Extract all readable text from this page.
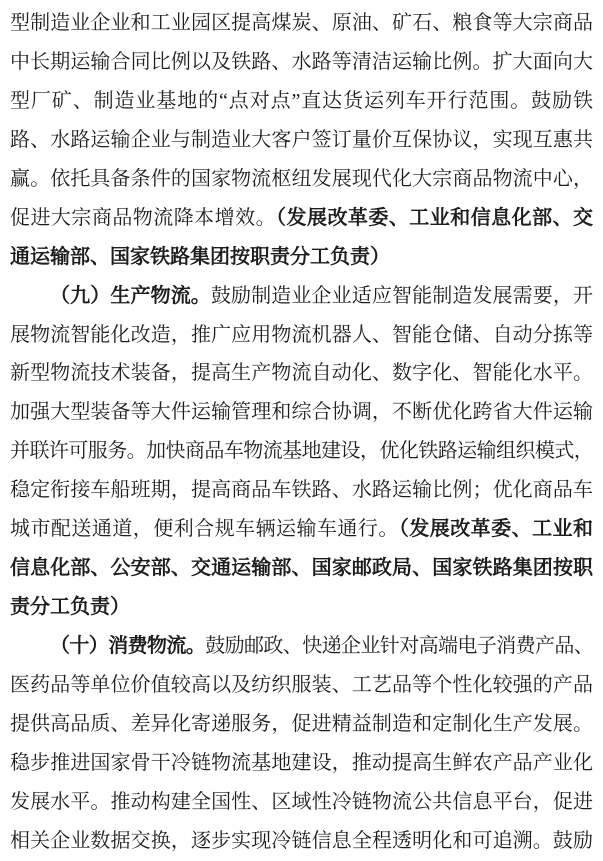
型制造业企业和工业园区提高煤炭、原油、矿石、粮食等大宗商品
中长期运输合同比例以及铁路、水路等清洁运输比例。扩大面向大
型厂矿、制造业基地的“点对点”直达货运列车开行范围。鼓励铁
路、水路运输企业与制造业大客户签订量价互保协议，实现互惠共
赢。依托具备条件的国家物流枢纽发展现代化大宗商品物流中心，
促进大宗商品物流降本增效。（发展改革委、工业和信息化部、交
通运输部、国家铁路集团按职责分工负责）
（九）生产物流。鼓励制造业企业适应智能制造发展需要，开
展物流智能化改造，推广应用物流机器人、智能仓储、自动分拣等
新型物流技术装备，提高生产物流自动化、数字化、智能化水平。
加强大型装备等大件运输管理和综合协调，不断优化跨省大件运输
并联许可服务。加快商品车物流基地建设，优化铁路运输组织模式，
稳定衔接车船班期，提高商品车铁路、水路运输比例；优化商品车
城市配送通道，便利合规车辆运输车通行。（发展改革委、工业和
信息化部、公安部、交通运输部、国家邮政局、国家铁路集团按职
责分工负责）
（十）消费物流。鼓励邮政、快递企业针对高端电子消费产品、
医药品等单位价值较高以及纺织服装、工艺品等个性化较强的产品
提供高品质、差异化寄递服务，促进精益制造和定制化生产发展。
稳步推进国家骨干冷链物流基地建设，推动提高生鲜农产品产业化
发展水平。推动构建全国性、区域性冷链物流公共信息平台，促进
相关企业数据交换，逐步实现冷链信息全程透明化和可追溯。鼓励
